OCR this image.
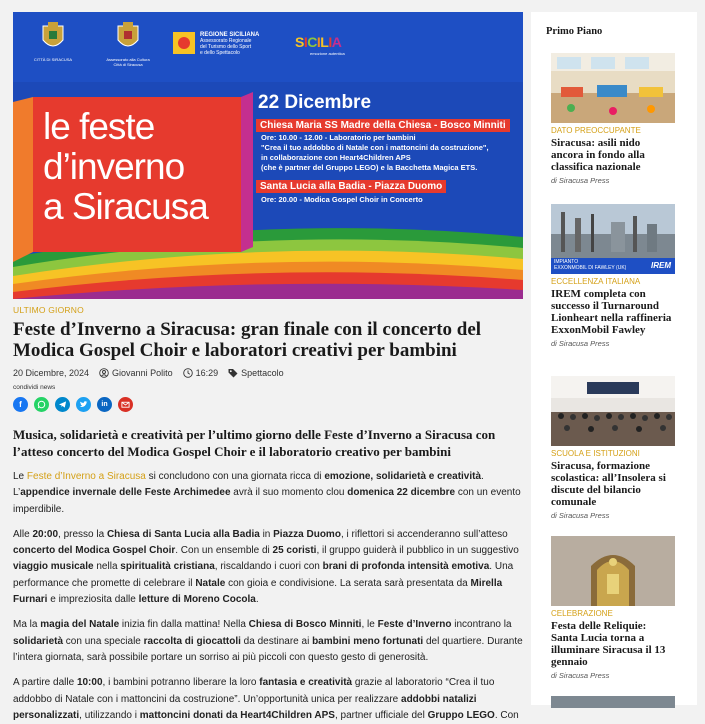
CITTÀ DI SIRACUSA	Assessorato alla Cultura
Città di Siracusa
REGIONE SICILIANA
Assessorato Regionale
del Turismo dello Sport
e dello Spettacolo
SICILIA
emozione autentica
le feste
d’inverno
a Siracusa
22 Dicembre
Chiesa Maria SS Madre della Chiesa - Bosco Minniti
Ore: 10.00 - 12.00 - Laboratorio per bambini
"Crea il tuo addobbo di Natale con i mattoncini da costruzione",
in collaborazione con Heart4Children APS
(che è partner del Gruppo LEGO) e la Bacchetta Magica ETS.
Santa Lucia alla Badia - Piazza Duomo
Ore: 20.00 - Modica Gospel Choir in Concerto
ULTIMO GIORNO
Feste d’Inverno a Siracusa: gran finale con il concerto del Modica Gospel Choir e laboratori creativi per bambini
20 Dicembre, 2024	Giovanni Polito	16:29	Spettacolo
condividi news
f	in
Musica, solidarietà e creatività per l’ultimo giorno delle Feste d’Inverno a Siracusa con l’atteso concerto del Modica Gospel Choir e il laboratorio creativo per bambini

Le Feste d’Inverno a Siracusa si concludono con una giornata ricca di emozione, solidarietà e creatività. L’appendice invernale delle Feste Archimedee avrà il suo momento clou domenica 22 dicembre con un evento imperdibile.

Alle 20:00, presso la Chiesa di Santa Lucia alla Badia in Piazza Duomo, i riflettori si accenderanno sull’atteso concerto del Modica Gospel Choir. Con un ensemble di 25 coristi, il gruppo guiderà il pubblico in un suggestivo viaggio musicale nella spiritualità cristiana, riscaldando i cuori con brani di profonda intensità emotiva. Una performance che promette di celebrare il Natale con gioia e condivisione. La serata sarà presentata da Mirella Furnari e impreziosita dalle letture di Moreno Cocola.

Ma la magia del Natale inizia fin dalla mattina! Nella Chiesa di Bosco Minniti, le Feste d’Inverno incontrano la solidarietà con una speciale raccolta di giocattoli da destinare ai bambini meno fortunati del quartiere. Durante l’intera giornata, sarà possibile portare un sorriso ai più piccoli con questo gesto di generosità.

A partire dalle 10:00, i bambini potranno liberare la loro fantasia e creatività grazie al laboratorio “Crea il tuo addobbo di Natale con i mattoncini da costruzione”. Un’opportunità unica per realizzare addobbi natalizi personalizzati, utilizzando i mattoncini donati da Heart4Children APS, partner ufficiale del Gruppo LEGO. Con

Primo Piano
DATO PREOCCUPANTE
Siracusa: asili nido ancora in fondo alla classifica nazionale
di Siracusa Press
IMPIANTO
EXXONMOBIL DI FAWLEY (UK)	IREM
ECCELLENZA ITALIANA
IREM completa con successo il Turnaround Lionheart nella raffineria ExxonMobil Fawley
di Siracusa Press
SCUOLA E ISTITUZIONI
Siracusa, formazione scolastica: all’Insolera si discute del bilancio comunale
di Siracusa Press
CELEBRAZIONE
Festa delle Reliquie: Santa Lucia torna a illuminare Siracusa il 13 gennaio
di Siracusa Press
